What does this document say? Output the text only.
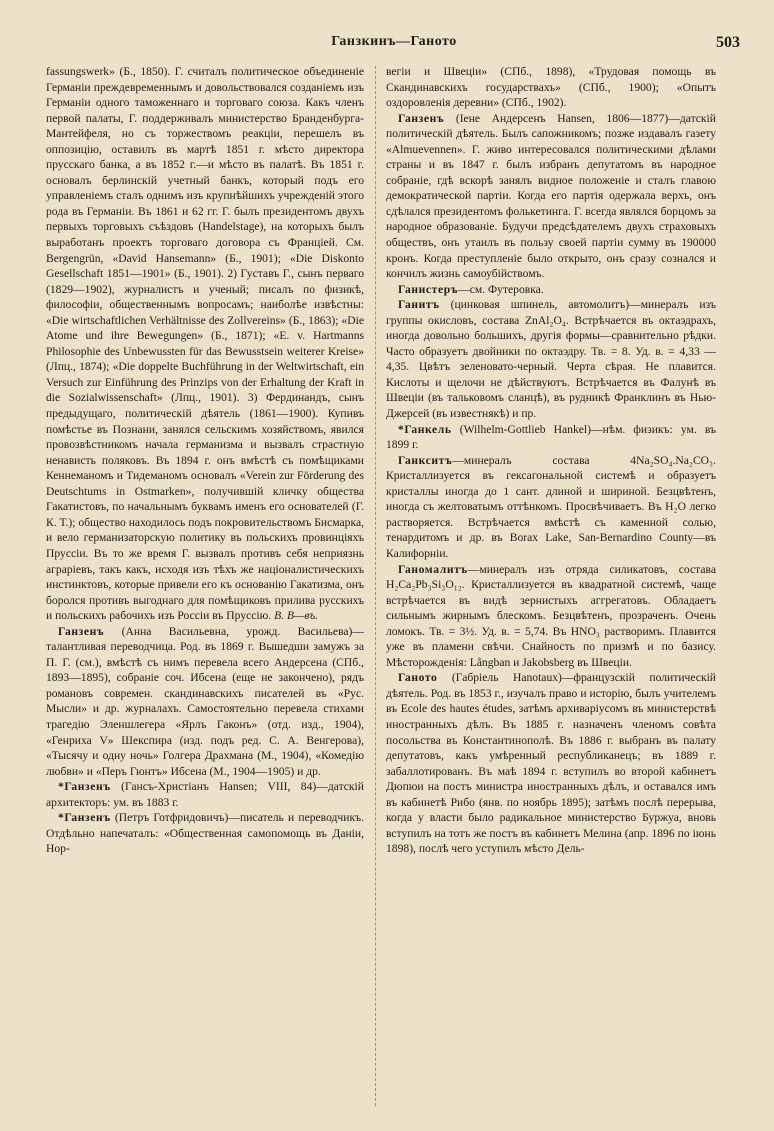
Ганзкинъ—Ганото	503

fassungswerk» (Б., 1850). Г. считалъ политическое объединеніе Германіи преждевременнымъ и довольствовался созданіемъ изъ Германіи одного таможеннаго и торговаго союза. Какъ членъ первой палаты, Г. поддерживалъ министерство Бранденбурга-Мантейфеля, но съ торжествомъ реакціи, перешелъ въ оппозицію, оставилъ въ мартѣ 1851 г. мѣсто директора прусскаго банка, а въ 1852 г.—и мѣсто въ палатѣ. Въ 1851 г. основалъ берлинскій учетный банкъ, который подъ его управленіемъ сталъ однимъ изъ крупнѣйшихъ учрежденій этого рода въ Германіи. Въ 1861 и 62 гг. Г. былъ президентомъ двухъ первыхъ торговыхъ съѣздовъ (Handelstage), на которыхъ былъ выработанъ проектъ торговаго договора съ Франціей. См. Bergengrün, «David Hansemann» (Б., 1901); «Die Diskonto Gesellschaft 1851—1901» (Б., 1901). 2) Густавъ Г., сынъ перваго (1829—1902), журналистъ и ученый; писалъ по физикѣ, философіи, общественнымъ вопросамъ; наиболѣе извѣстны: «Die wirtschaftlichen Verhältnisse des Zollvereins» (Б., 1863); «Die Atome und ihre Bewegungen» (Б., 1871); «E. v. Hartmanns Philosophie des Unbewussten für das Bewusstsein weiterer Kreise» (Лпц., 1874); «Die doppelte Buchführung in der Weltwirtschaft, ein Versuch zur Einführung des Prinzips von der Erhaltung der Kraft in die Sozialwissenschaft» (Лпц., 1901). 3) Фердинандъ, сынъ предыдущаго, политическій дѣятель (1861—1900). Купивъ помѣстье въ Познани, занялся сельскимъ хозяйствомъ, явился провозвѣстникомъ начала германизма и вызвалъ страстную ненависть поляковъ. Въ 1894 г. онъ вмѣстѣ съ помѣщиками Кеннеманомъ и Тидеманомъ основалъ «Verein zur Förderung des Deutschtums in Ostmarken», получившій кличку общества Гакатистовъ, по начальнымъ буквамъ именъ его основателей (Г. К. Т.); общество находилось подъ покровительствомъ Бисмарка, и вело германизаторскую политику въ польскихъ провинціяхъ Пруссіи. Въ то же время Г. вызвалъ противъ себя неприязнь аграріевъ, такъ какъ, исходя изъ тѣхъ же націоналистическихъ инстинктовъ, которые привели его къ основанію Гакатизма, онъ боролся противъ выгоднаго для помѣщиковъ прилива русскихъ и польскихъ рабочихъ изъ Россіи въ Пруссію. В. В—въ.

Ганзенъ (Анна Васильевна, урожд. Васильева)—талантливая переводчица. Род. въ 1869 г. Вышедши замужъ за П. Г. (см.), вмѣстѣ съ нимъ перевела всего Андерсена (СПб., 1893—1895), собраніе соч. Ибсена (еще не закончено), рядъ романовъ современ. скандинавскихъ писателей въ «Рус. Мысли» и др. журналахъ. Самостоятельно перевела стихами трагедію Эленшлегера «Ярлъ Гаконъ» (отд. изд., 1904), «Генриха V» Шекспира (изд. подъ ред. С. А. Венгерова), «Тысячу и одну ночь» Голгера Драхмана (М., 1904), «Комедію любви» и «Перъ Гюнтъ» Ибсена (М., 1904—1905) и др.

*Ганзенъ (Гансъ-Христіанъ Hansen; VIII, 84)—датскій архитекторъ: ум. въ 1883 г.

*Ганзенъ (Петръ Готфридовичъ)—писатель и переводчикъ. Отдѣльно напечаталъ: «Общественная самопомощь въ Даніи, Нор-

вегіи и Швеціи» (СПб., 1898), «Трудовая помощь въ Скандинавскихъ государствахъ» (СПб., 1900); «Опытъ оздоровленія деревни» (СПб., 1902).

Ганзенъ (Іене Андерсенъ Hansen, 1806—1877)—датскій политическій дѣятель. Былъ сапожникомъ; позже издавалъ газету «Almuevennen». Г. живо интересовался политическими дѣлами страны и въ 1847 г. былъ избранъ депутатомъ въ народное собраніе, гдѣ вскорѣ занялъ видное положеніе и сталъ главою демократической партіи. Когда его партія одержала верхъ, онъ сдѣлался президентомъ фолькетинга. Г. всегда являлся борцомъ за народное образованіе. Будучи предсѣдателемъ двухъ страховыхъ обществъ, онъ утаилъ въ пользу своей партіи сумму въ 190000 кронъ. Когда преступленіе было открыто, онъ сразу сознался и кончилъ жизнь самоубійствомъ.

Ганистеръ—см. Футеровка.

Ганитъ (цинковая шпинель, автомолитъ)—минералъ изъ группы окисловъ, состава ZnAl₂O₄. Встрѣчается въ октаэдрахъ, иногда довольно большихъ, другія формы—сравнительно рѣдки. Часто образуетъ двойники по октаэдру. Тв. = 8. Уд. в. = 4,33 — 4,35. Цвѣтъ зеленовато-черный. Черта сѣрая. Не плавится. Кислоты и щелочи не дѣйствуютъ. Встрѣчается въ Фалунѣ въ Швеціи (въ тальковомъ сланцѣ), въ рудникѣ Франклинъ въ Нью-Джерсей (въ известнякѣ) и пр.

*Ганкель (Wilhelm-Gottlieb Hankel)—нѣм. физикъ: ум. въ 1899 г.

Ганкситъ—минералъ состава 4Na₂SO₄.Na₂CO₃. Кристаллизуется въ гексагональной системѣ и образуетъ кристаллы иногда до 1 сант. длиной и шириной. Безцвѣтенъ, иногда съ желтоватымъ оттѣнкомъ. Просвѣчиваетъ. Въ H₂O легко растворяется. Встрѣчается вмѣстѣ съ каменной солью, тенардитомъ и др. въ Borax Lake, San-Bernardino County—въ Калифорніи.

Ганомалитъ—минералъ изъ отряда силикатовъ, состава H₂Ca₂Pb₃Si₃O₁₂. Кристаллизуется въ квадратной системѣ, чаще встрѣчается въ видѣ зернистыхъ аггрегатовъ. Обладаетъ сильнымъ жирнымъ блескомъ. Безцвѣтенъ, прозраченъ. Очень ломокъ. Тв. = 3½. Уд. в. = 5,74. Въ HNO₃ растворимъ. Плавится уже въ пламени свѣчи. Снайность по призмѣ и по базису. Мѣсторожденія: Långban и Jakobsberg въ Швеціи.

Ганото (Габріель Hanotaux)—французскій политическій дѣятель. Род. въ 1853 г., изучалъ право и исторію, былъ учителемъ въ Ecole des hautes études, затѣмъ архиваріусомъ въ министерствѣ иностранныхъ дѣлъ. Въ 1885 г. назначенъ членомъ совѣта посольства въ Константинополѣ. Въ 1886 г. выбранъ въ палату депутатовъ, какъ умѣренный республиканецъ; въ 1889 г. забаллотированъ. Въ маѣ 1894 г. вступилъ во второй кабинетъ Дюпюи на постъ министра иностранныхъ дѣлъ, и оставался имъ въ кабинетѣ Рибо (янв. по ноябрь 1895); затѣмъ послѣ перерыва, когда у власти было радикальное министерство Буржуа, вновь вступилъ на тотъ же постъ въ кабинетъ Мелина (апр. 1896 по іюнь 1898), послѣ чего уступилъ мѣсто Дель-
